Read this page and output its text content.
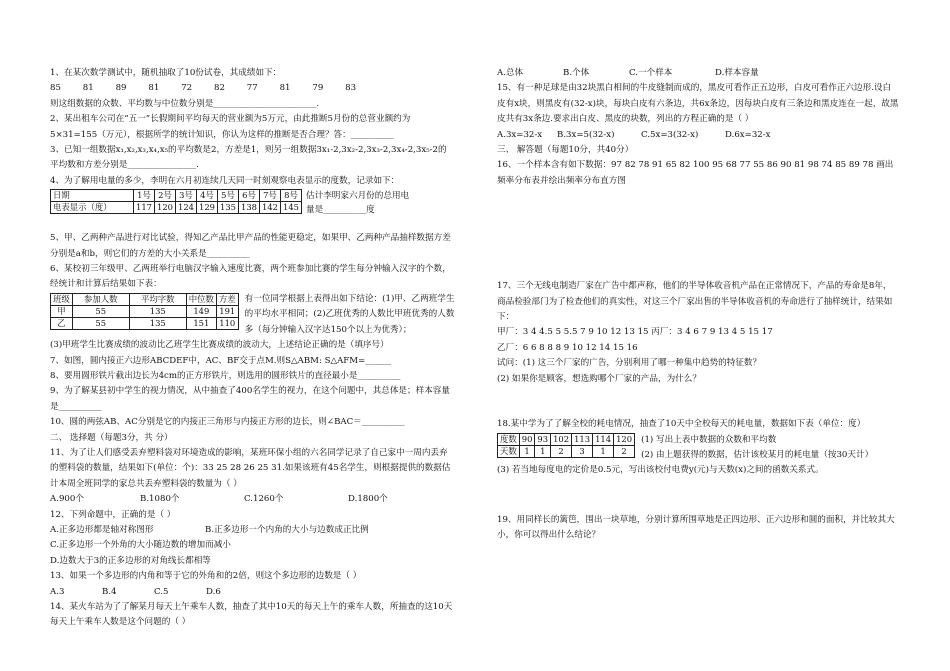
1、在某次数学测试中，随机抽取了10份试卷，其成绩如下：

85	81	89	81	72	82	77	81	79	83

则这组数据的众数、平均数与中位数分别是________________________.

2、某出租车公司在“五一”长假期间平均每天的营业额为5万元，由此推断5月份的总营业额约为5×31=155（万元），根据所学的统计知识，你认为这样的推断是否合理？答：__________

3、已知一组数据x₁,x₂,x₃,x₄,x₅的平均数是2，方差是1，则另一组数据3x₁-2,3x₂-2,3x₃-2,3x₄-2,3x₅-2的平均数和方差分别是________________.

4、为了解用电量的多少，李明在六月初连续几天同一时刻观察电表显示的度数，记录如下：

日期	1号	2号	3号	4号	5号	6号	7号	8号
电表显示（度）	117	120	124	129	135	138	142	145

估计李明家六月份的总用电量是__________度

5、甲、乙两种产品进行对比试验，得知乙产品比甲产品的性能更稳定，如果甲、乙两种产品抽样数据方差分别是a和b，则它们的方差的大小关系是__________

6、某校初三年级甲、乙两班举行电脑汉字输入速度比赛，两个班参加比赛的学生每分钟输入汉字的个数，经统计和计算后结果如下表：

班级	参加人数	平均字数	中位数	方差
甲	55	135	149	191
乙	55	135	151	110

有一位同学根据上表得出如下结论：(1)甲、乙两班学生的平均水平相同；(2)乙班优秀的人数比甲班优秀的人数多（每分钟输入汉字达150个以上为优秀）；

(3)甲班学生比赛成绩的波动比乙班学生比赛成绩的波动大，上述结论正确的是（填序号）

7、如图，圆内接正六边形ABCDEF中，AC、BF交于点M.则S△ABM: S△AFM=______

8、要用圆形铁片截出边长为4cm的正方形铁片，则选用的圆形铁片的直径最小是__________

9、为了解某县初中学生的视力情况，从中抽查了400名学生的视力，在这个问题中，其总体是；样本容量是__________

10、圆的两弦AB、AC分别是它的内接正三角形与内接正方形的边长，则∠BAC＝__________

二、 选择题（每题3分，共 分）

11、为了让人们感受丢弃塑料袋对环境造成的影响，某班环保小组的六名同学记录了自己家中一周内丢弃的塑料袋的数量，结果如下(单位：个)：33 25 28 26 25 31.如果该班有45名学生，则根据提供的数据估计本周全班同学的家总共丢弃塑料袋的数量为（ ）

A.900个	B.1080个	C.1260个	D.1800个

12、下列命题中，正确的是（ ）

A.正多边形都是轴对称图形	B.正多边形一个内角的大小与边数成正比例

C.正多边形一个外角的大小随边数的增加而减小

D.边数大于3的正多边形的对角线长都相等

13、如果一个多边形的内角和等于它的外角和的2倍，则这个多边形的边数是（ ）

A.3	B.4	C.5	D.6

14、某火车站为了了解某月每天上午乘车人数，抽查了其中10天的每天上午的乘车人数，所抽查的这10天每天上午乘车人数是这个问题的（ ）

A.总体	B.个体	C.一个样本	D.样本容量

15、有一种足球是由32块黑白相间的牛皮缝制而成的，黑皮可看作正五边形，白皮可看作正六边形.设白皮有x块，则黑皮有(32-x)块，每块白皮有六条边，共6x条边，因每块白皮有三条边和黑皮连在一起，故黑皮共有3x条边.要求出白皮、黑皮的块数，列出的方程正确的是（ ）

A.3x=32-x B.3x=5(32-x)	C.5x=3(32-x)	D.6x=32-x

三、 解答题（每题10分，共40分）

16、一个样本含有如下数据：97 82 78 91 65 82 100 95 68 77 55 86 90 81 98 74 85 89 78 画出频率分布表并绘出频率分布直方图

17、三个无线电制造厂家在广告中都声称，他们的半导体收音机产品在正常情况下，产品的寿命是8年，商品检验部门为了检查他们的真实性，对这三个厂家出售的半导体收音机的寿命进行了抽样统计，结果如下：

甲厂：3 4 4.5 5 5.5 7 9 10 12 13 15 丙厂：3 4 6 7 9 13 4 5 15 17

乙厂：6 6 8 8 8 9 10 12 14 15 16

试问：(1) 这三个厂家的广告，分别利用了哪一种集中趋势的特征数？

(2) 如果你是顾客，想选购哪个厂家的产品，为什么？

18.某中学为了了解全校的耗电情况，抽查了10天中全校每天的耗电量，数据如下表（单位：度）

度数	90	93	102	113	114	120
天数	1	1	2	3	1	2

(1) 写出上表中数据的众数和平均数

(2) 由上题获得的数据，估计该校某月的耗电量（按30天计）

(3) 若当地每度电的定价是0.5元，写出该校付电费y(元)与天数(x)之间的函数关系式。

19、用同样长的篱笆，围出一块草地，分别计算所围草地是正四边形、正六边形和圆的面积，并比较其大小，你可以得出什么结论？
